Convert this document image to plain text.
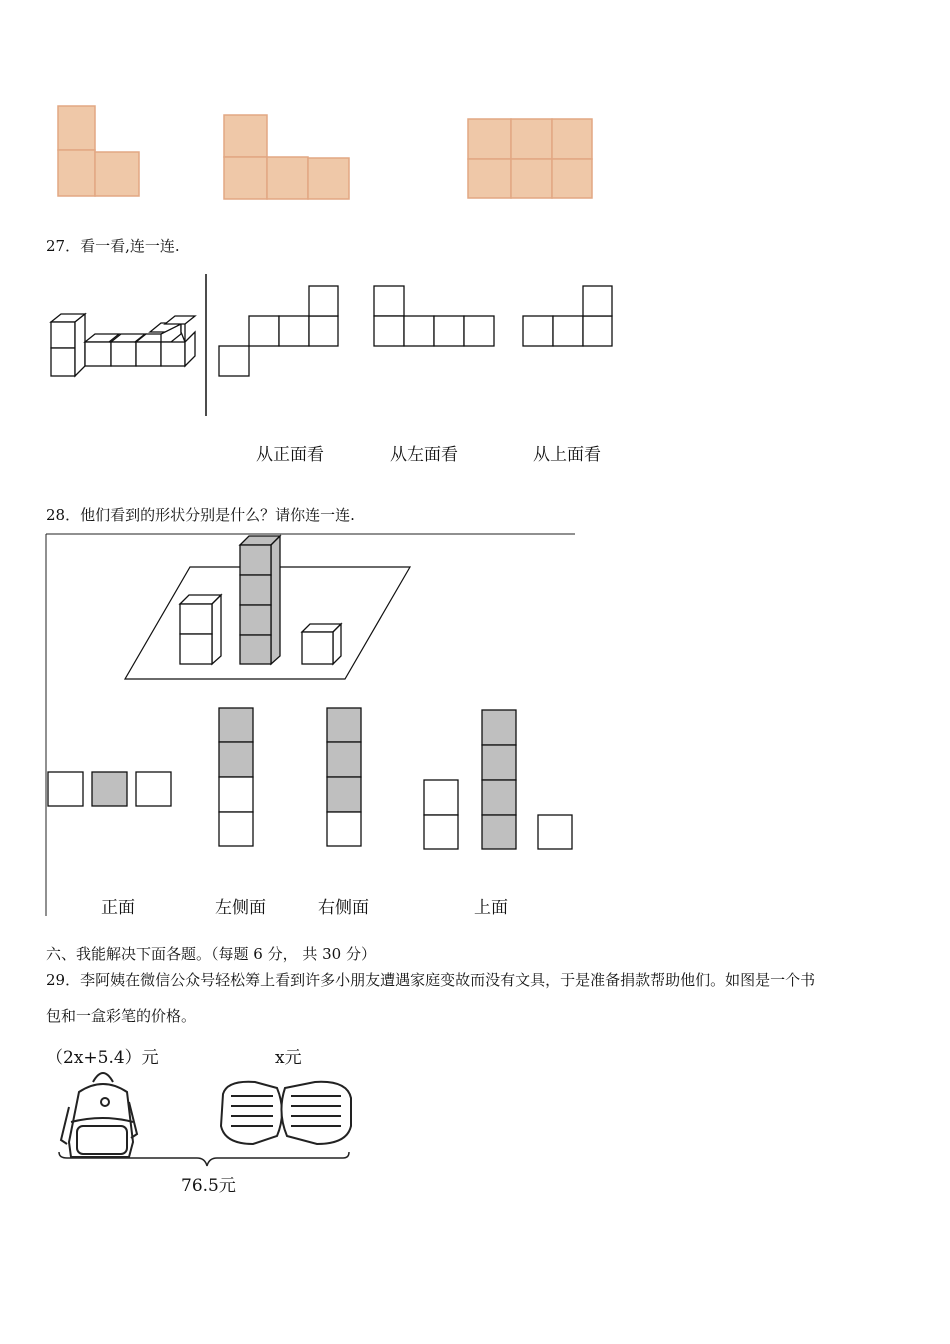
27．看一看,连一连.
从正面看	从左面看	从上面看
28．他们看到的形状分别是什么？请你连一连.
正面	左侧面	右侧面	上面
六、我能解决下面各题。（每题 6 分， 共 30 分）
29．李阿姨在微信公众号轻松筹上看到许多小朋友遭遇家庭变故而没有文具，于是准备捐款帮助他们。如图是一个书
包和一盒彩笔的价格。
（2x+5.4）元	x元
76.5元
